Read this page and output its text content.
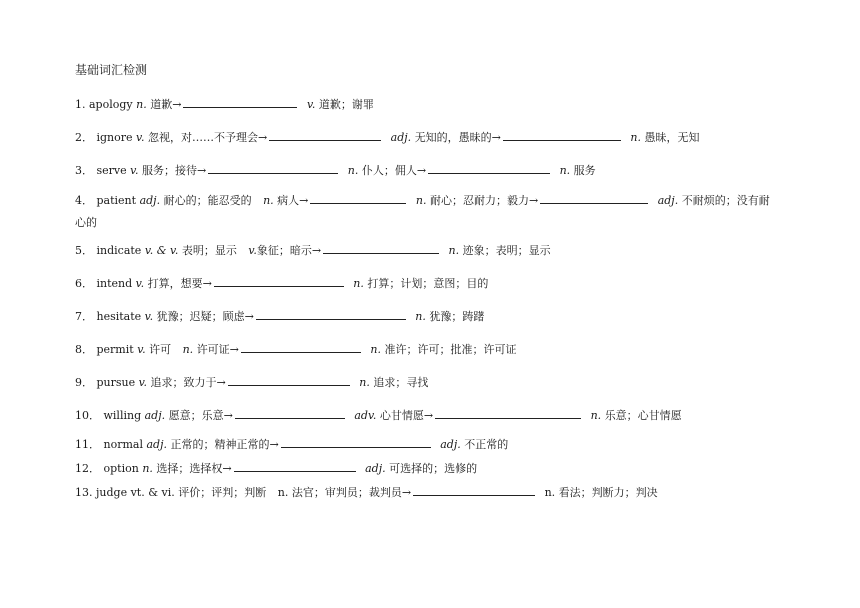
基础词汇检测
1. apology n. 道歉→	v. 道歉；谢罪
2． ignore v. 忽视，对……不予理会→	adj. 无知的，愚昧的→	n. 愚昧，无知
3． serve v. 服务；接待→	n. 仆人；佣人→	n. 服务
4． patient adj. 耐心的；能忍受的 n. 病人→	n. 耐心；忍耐力；毅力→	adj. 不耐烦的；没有耐
心的
5． indicate v. & v. 表明；显示 v.象征；暗示→	n. 迹象；表明；显示
6． intend v. 打算，想要→	n. 打算；计划；意图；目的
7． hesitate v. 犹豫；迟疑；顾虑→	n. 犹豫；踌躇
8． permit v. 许可 n. 许可证→	n. 准许；许可；批准；许可证
9． pursue v. 追求；致力于→	n. 追求；寻找
10． willing adj. 愿意；乐意→	adv. 心甘情愿→	n. 乐意；心甘情愿
11． normal adj. 正常的；精神正常的→	adj. 不正常的
12． option n. 选择；选择权→	adj. 可选择的；选修的
13. judge vt. & vi. 评价；评判；判断 n. 法官；审判员；裁判员→	n. 看法；判断力；判决
